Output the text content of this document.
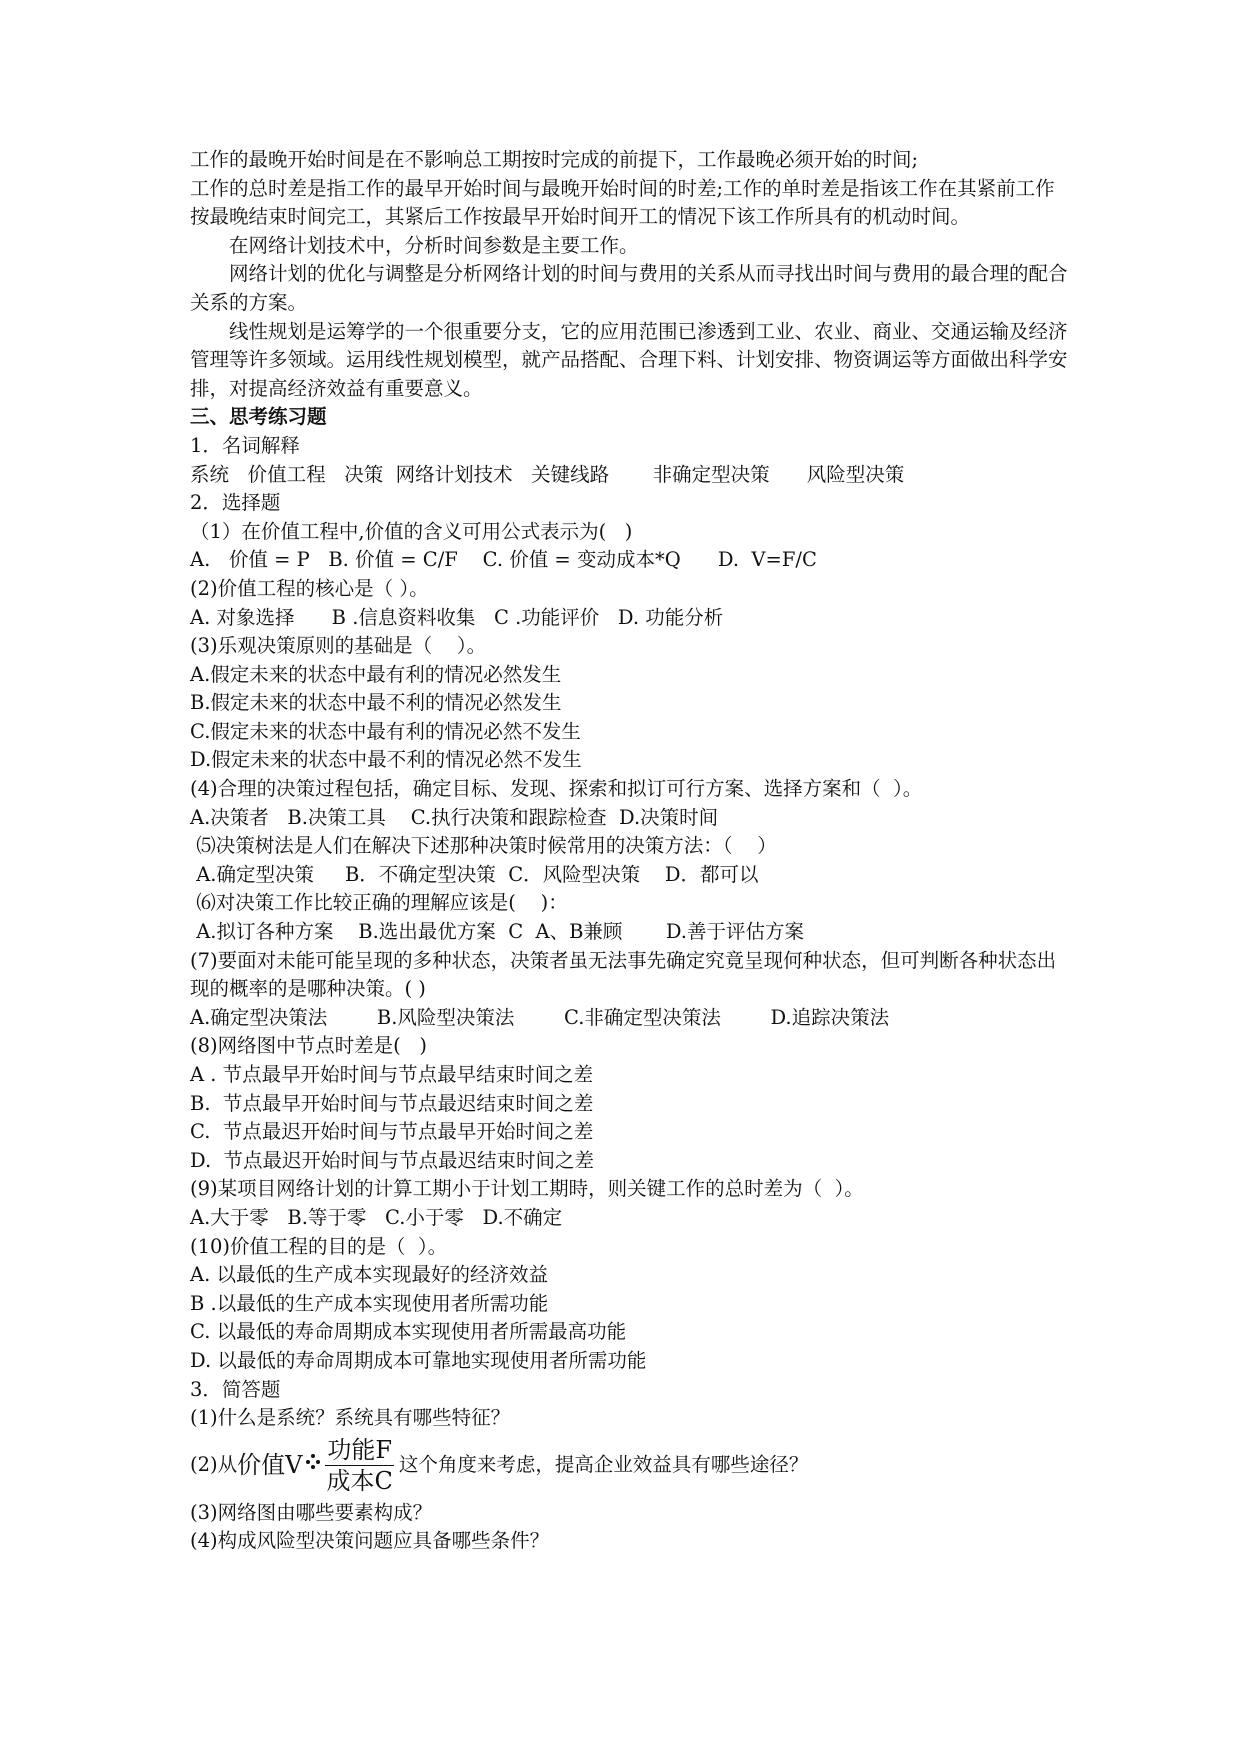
工作的最晚开始时间是在不影响总工期按时完成的前提下，工作最晚必须开始的时间;
工作的总时差是指工作的最早开始时间与最晚开始时间的时差;工作的单时差是指该工作在其紧前工作按最晚结束时间完工，其紧后工作按最早开始时间开工的情况下该工作所具有的机动时间。
在网络计划技术中，分析时间参数是主要工作。
网络计划的优化与调整是分析网络计划的时间与费用的关系从而寻找出时间与费用的最合理的配合关系的方案。
线性规划是运筹学的一个很重要分支，它的应用范围已渗透到工业、农业、商业、交通运输及经济管理等许多领域。运用线性规划模型，就产品搭配、合理下料、计划安排、物资调运等方面做出科学安排，对提高经济效益有重要意义。
三、思考练习题
1．名词解释
系统   价值工程   决策  网络计划技术   关键线路       非确定型决策      风险型决策
2．选择题
（1）在价值工程中,价值的含义可用公式表示为(   )
A.   价值 = P   B. 价值 = C/F    C. 价值 = 变动成本*Q      D.  V=F/C
(2)价值工程的核心是（ ）。
A. 对象选择      B .信息资料收集   C .功能评价   D. 功能分析
(3)乐观决策原则的基础是（    ）。
A.假定未来的状态中最有利的情况必然发生
B.假定未来的状态中最不利的情况必然发生
C.假定未来的状态中最有利的情况必然不发生
D.假定未来的状态中最不利的情况必然不发生
(4)合理的决策过程包括，确定目标、发现、探索和拟订可行方案、选择方案和（  ）。
A.决策者   B.决策工具    C.执行决策和跟踪检查  D.决策时间
⑸决策树法是人们在解决下述那种决策时候常用的决策方法：（    ）
A.确定型决策     B．不确定型决策  C．风险型决策    D．都可以
⑹对决策工作比较正确的理解应该是(    )：
A.拟订各种方案    B.选出最优方案  C  A、B兼顾       D.善于评估方案
(7)要面对未能可能呈现的多种状态，决策者虽无法事先确定究竟呈现何种状态，但可判断各种状态出现的概率的是哪种决策。( )
A.确定型决策法        B.风险型决策法        C.非确定型决策法        D.追踪决策法
(8)网络图中节点时差是(   )
A . 节点最早开始时间与节点最早结束时间之差
B.  节点最早开始时间与节点最迟结束时间之差
C.  节点最迟开始时间与节点最早开始时间之差
D.  节点最迟开始时间与节点最迟结束时间之差
(9)某项目网络计划的计算工期小于计划工期時，则关键工作的总时差为（  ）。
A.大于零   B.等于零   C.小于零   D.不确定
(10)价值工程的目的是（  ）。
A. 以最低的生产成本实现最好的经济效益
B .以最低的生产成本实现使用者所需功能
C. 以最低的寿命周期成本实现使用者所需最高功能
D. 以最低的寿命周期成本可靠地实现使用者所需功能
3．简答题
(1)什么是系统？系统具有哪些特征？
(2)从 价值V

$\frac{\text{功能F}}{\text{成本C}}$ 这个角度来考虑，提高企业效益具有哪些途径？
(3)网络图由哪些要素构成？
(4)构成风险型决策问题应具备哪些条件？
